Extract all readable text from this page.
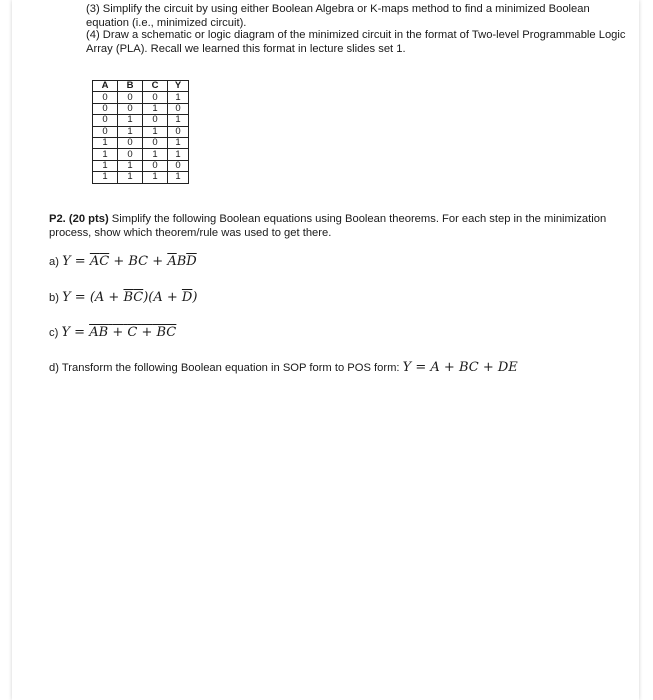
(3) Simplify the circuit by using either Boolean Algebra or K-maps method to find a minimized Boolean equation (i.e., minimized circuit).
(4) Draw a schematic or logic diagram of the minimized circuit in the format of Two-level Programmable Logic Array (PLA). Recall we learned this format in lecture slides set 1.
A	B	C	Y
0	0	0	1
0	0	1	0
0	1	0	1
0	1	1	0
1	0	0	1
1	0	1	1
1	1	0	0
1	1	1	1
P2. (20 pts) Simplify the following Boolean equations using Boolean theorems. For each step in the minimization process, show which theorem/rule was used to get there.
a) $Y = \overline{A}\overline{C}$ + BC + $\overline{A}B\overline{D}$
b) $Y = (A + \overline{B}\overline{C})(A + \overline{D})$
c) Y = AB + C + BC
d) Transform the following Boolean equation in SOP form to POS form: Y = A + BC + DE
